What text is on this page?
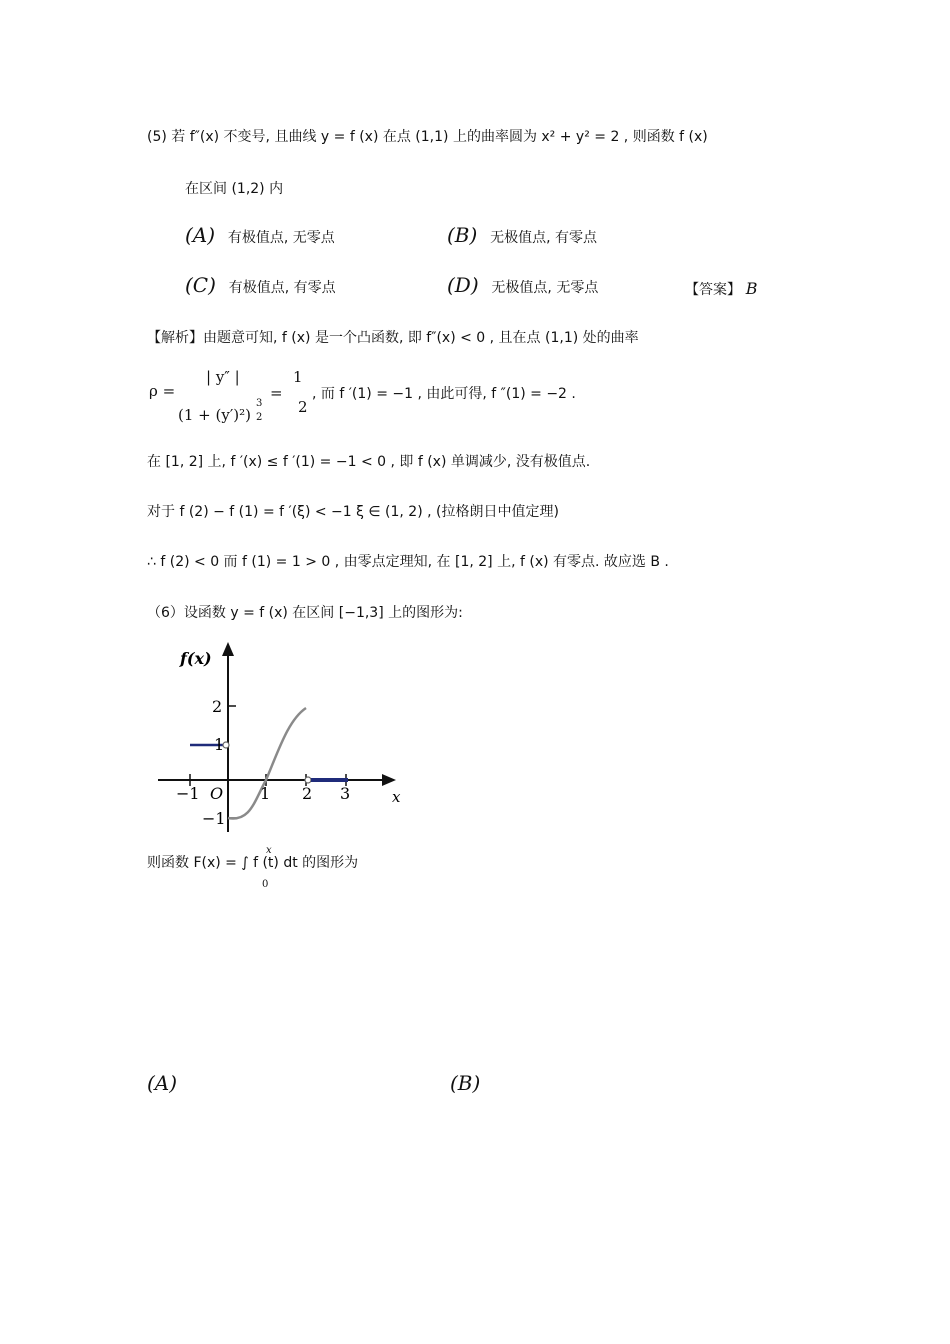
(5) 若 f″(x) 不变号, 且曲线 y = f (x) 在点 (1,1) 上的曲率圆为 x² + y² = 2 , 则函数 f (x)
在区间 (1,2) 内
(A) 有极值点, 无零点	(B) 无极值点, 有零点
(C) 有极值点, 有零点	(D) 无极值点, 无零点	【答案】 B
【解析】由题意可知, f (x) 是一个凸函数, 即 f″(x) < 0 , 且在点 (1,1) 处的曲率
ρ =
| y″ |
(1 + (y′)²)
3
2
=
1
2
, 而 f ′(1) = −1 , 由此可得, f ″(1) = −2 .
在 [1, 2] 上, f ′(x) ≤ f ′(1) = −1 < 0 , 即 f (x) 单调减少, 没有极值点.
对于 f (2) − f (1) = f ′(ξ) < −1 ξ ∈ (1, 2) , (拉格朗日中值定理)
∴ f (2) < 0 而 f (1) = 1 > 0 , 由零点定理知, 在 [1, 2] 上, f (x) 有零点. 故应选 B .
（6）设函数 y = f (x) 在区间 [−1,3] 上的图形为:
f(x)
x
−1 O 1 2 3
2
1
−1
则函数 F(x) = ∫ f (t) dt 的图形为
x
0
(A)	(B)
